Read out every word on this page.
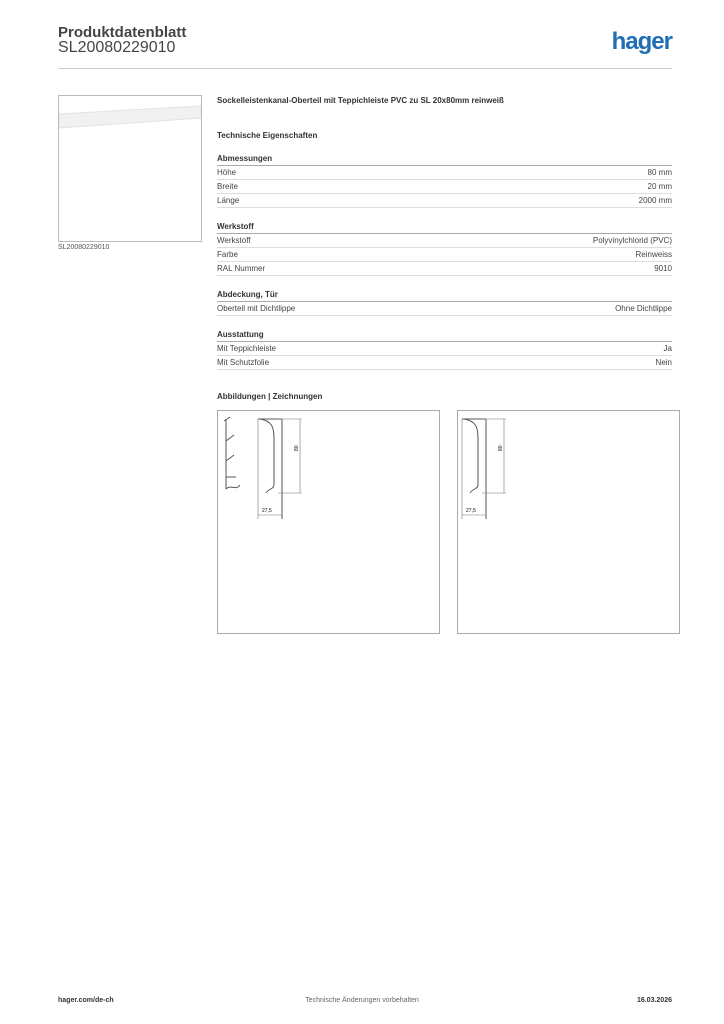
Produktdatenblatt
SL20080229010	hager
SL20080229010
Sockelleistenkanal-Oberteil mit Teppichleiste PVC zu SL 20x80mm reinweiß
Technische Eigenschaften
Abmessungen
Höhe	80 mm
Breite	20 mm
Länge	2000 mm
Werkstoff
Werkstoff	Polyvinylchlorid (PVC)
Farbe	Reinweiss
RAL Nummer	9010
Abdeckung, Tür
Oberteil mit Dichtlippe	Ohne Dichtlippe
Ausstattung
Mit Teppichleiste	Ja
Mit Schutzfolie	Nein
Abbildungen | Zeichnungen
80
27,5
80
27,5
hager.com/de-ch	Technische Änderungen vorbehalten	16.03.2026
